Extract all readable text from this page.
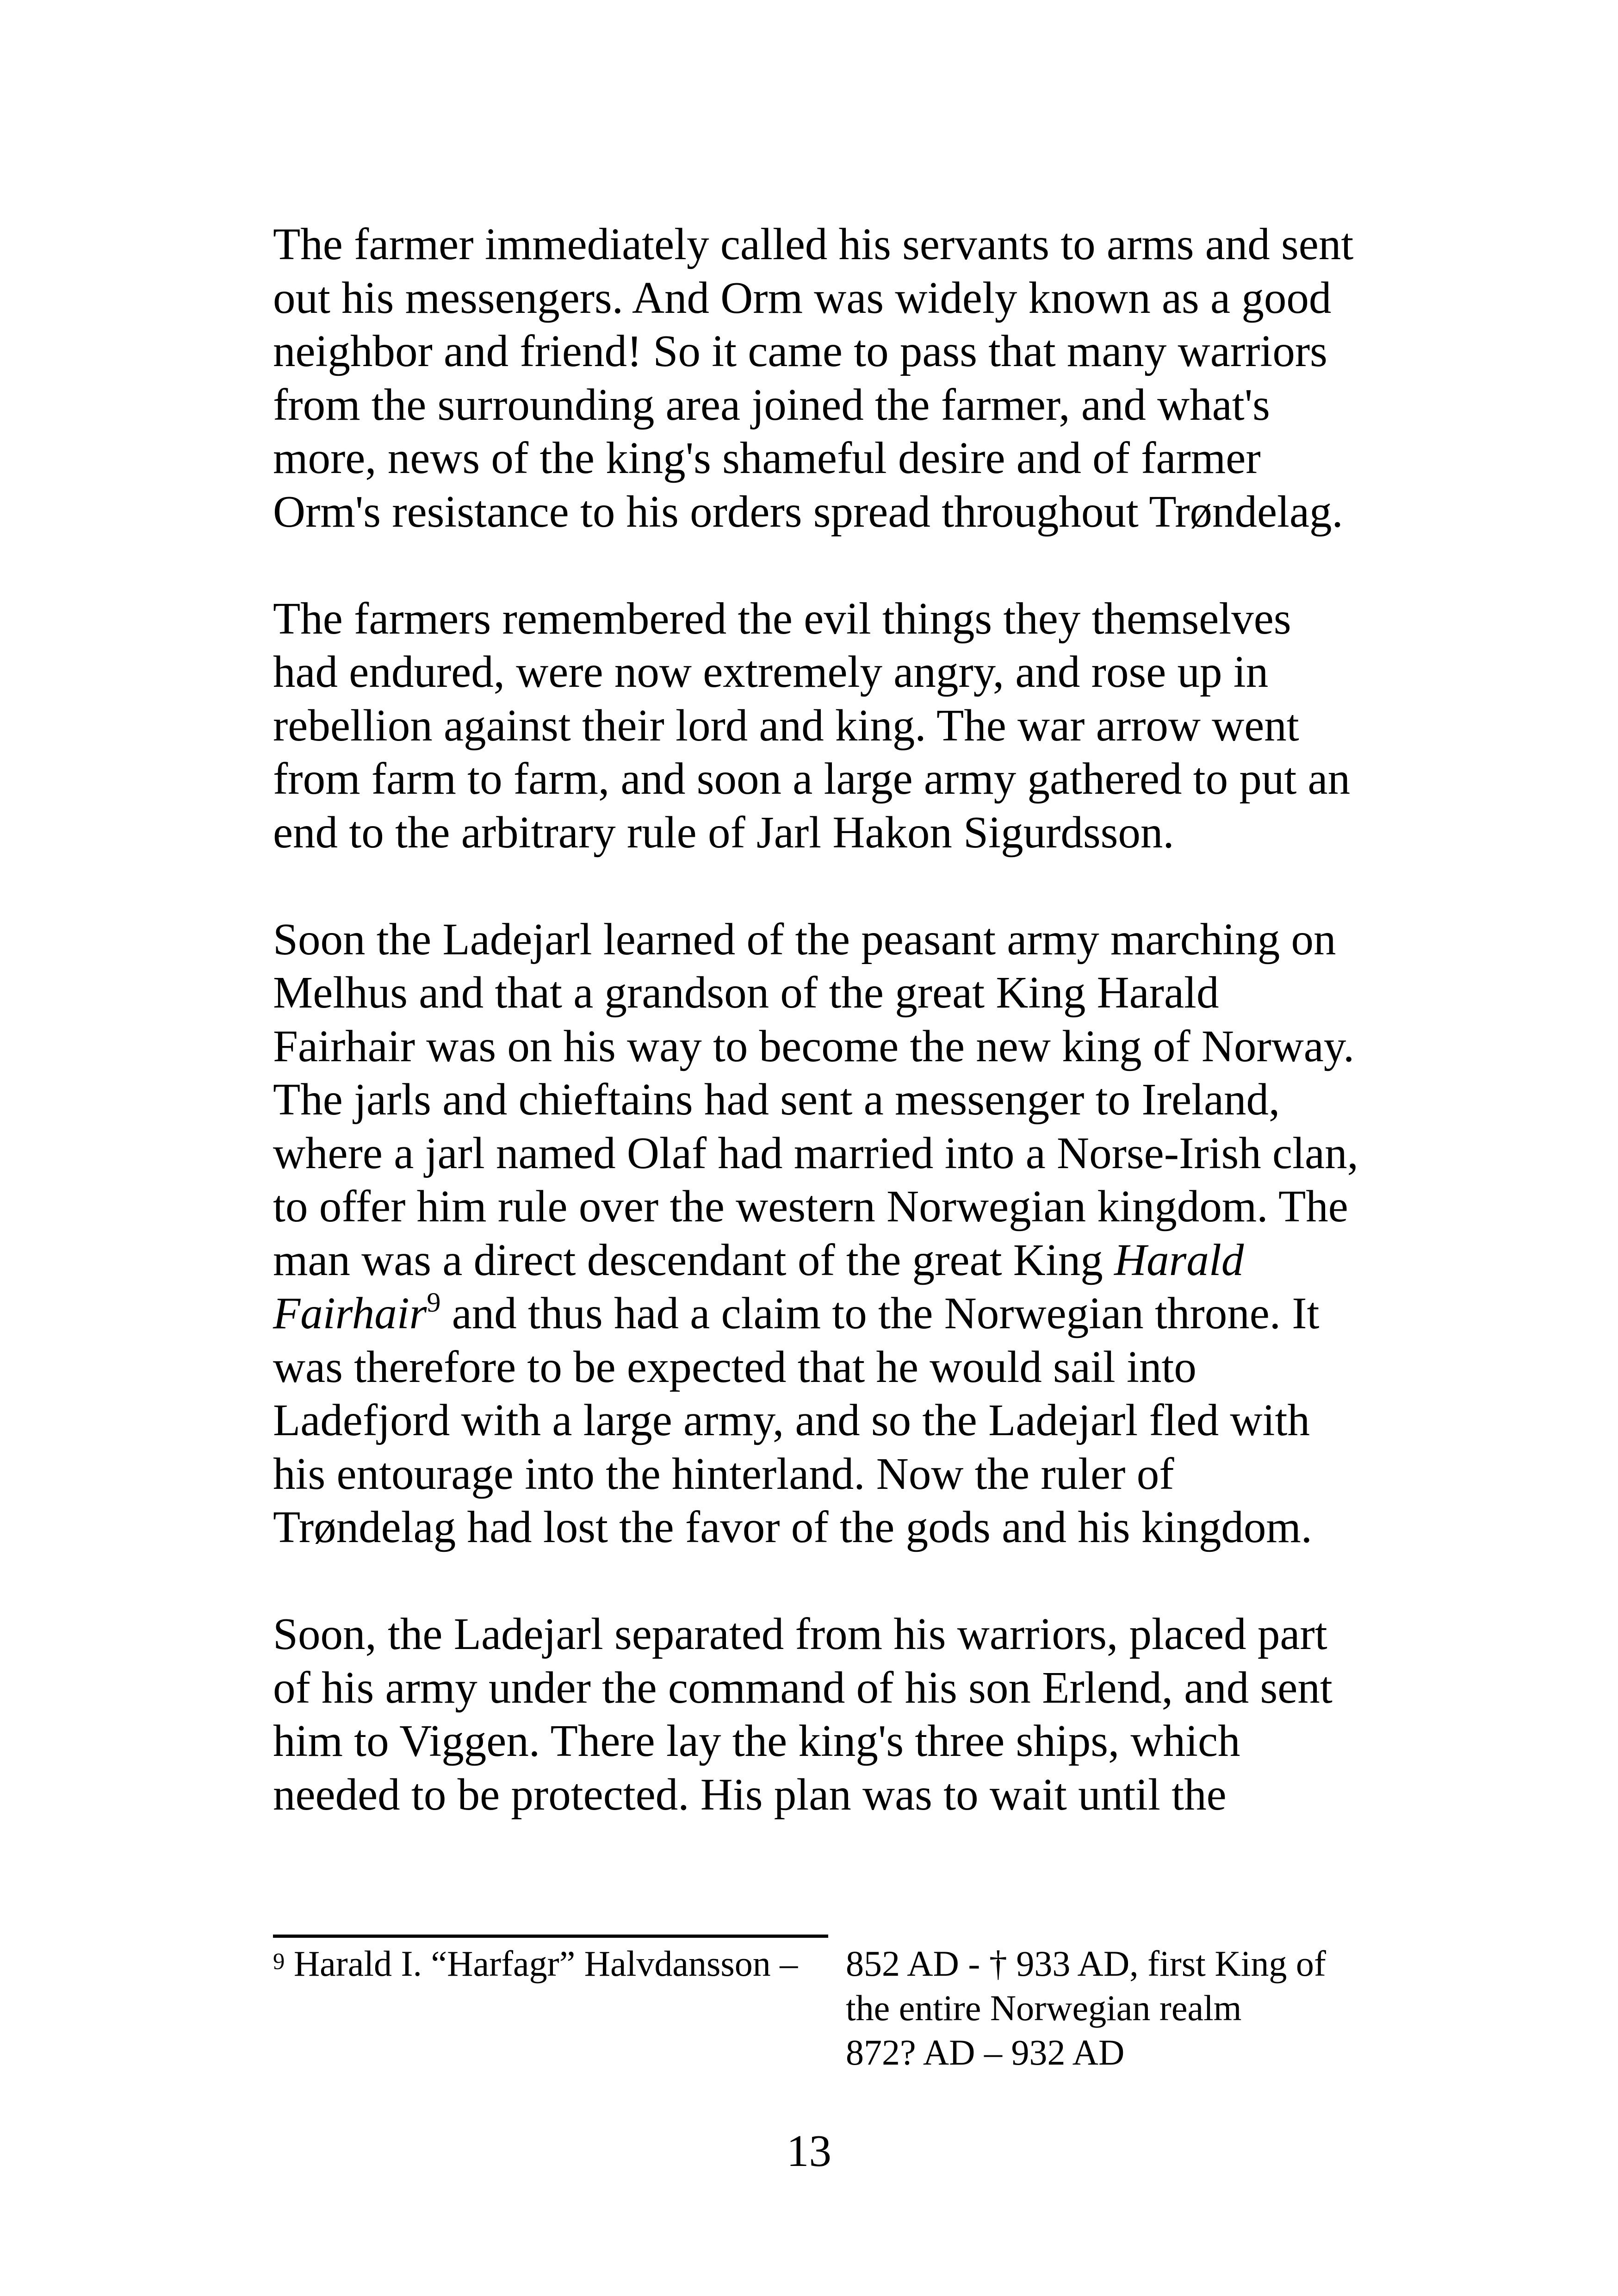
The farmer immediately called his servants to arms and sent
out his messengers. And Orm was widely known as a good
neighbor and friend! So it came to pass that many warriors
from the surrounding area joined the farmer, and what's
more, news of the king's shameful desire and of farmer
Orm's resistance to his orders spread throughout Trøndelag.

The farmers remembered the evil things they themselves
had endured, were now extremely angry, and rose up in
rebellion against their lord and king. The war arrow went
from farm to farm, and soon a large army gathered to put an
end to the arbitrary rule of Jarl Hakon Sigurdsson.

Soon the Ladejarl learned of the peasant army marching on
Melhus and that a grandson of the great King Harald
Fairhair was on his way to become the new king of Norway.
The jarls and chieftains had sent a messenger to Ireland,
where a jarl named Olaf had married into a Norse-Irish clan,
to offer him rule over the western Norwegian kingdom. The
man was a direct descendant of the great King Harald
Fairhair$^9$ and thus had a claim to the Norwegian throne. It
was therefore to be expected that he would sail into
Ladefjord with a large army, and so the Ladejarl fled with
his entourage into the hinterland. Now the ruler of
Trøndelag had lost the favor of the gods and his kingdom.

Soon, the Ladejarl separated from his warriors, placed part
of his army under the command of his son Erlend, and sent
him to Viggen. There lay the king's three ships, which
needed to be protected. His plan was to wait until the

$^9$ Harald I. “Harfagr” Halvdansson – 852 AD - † 933 AD, first King of
the entire Norwegian realm
872? AD – 932 AD
13
